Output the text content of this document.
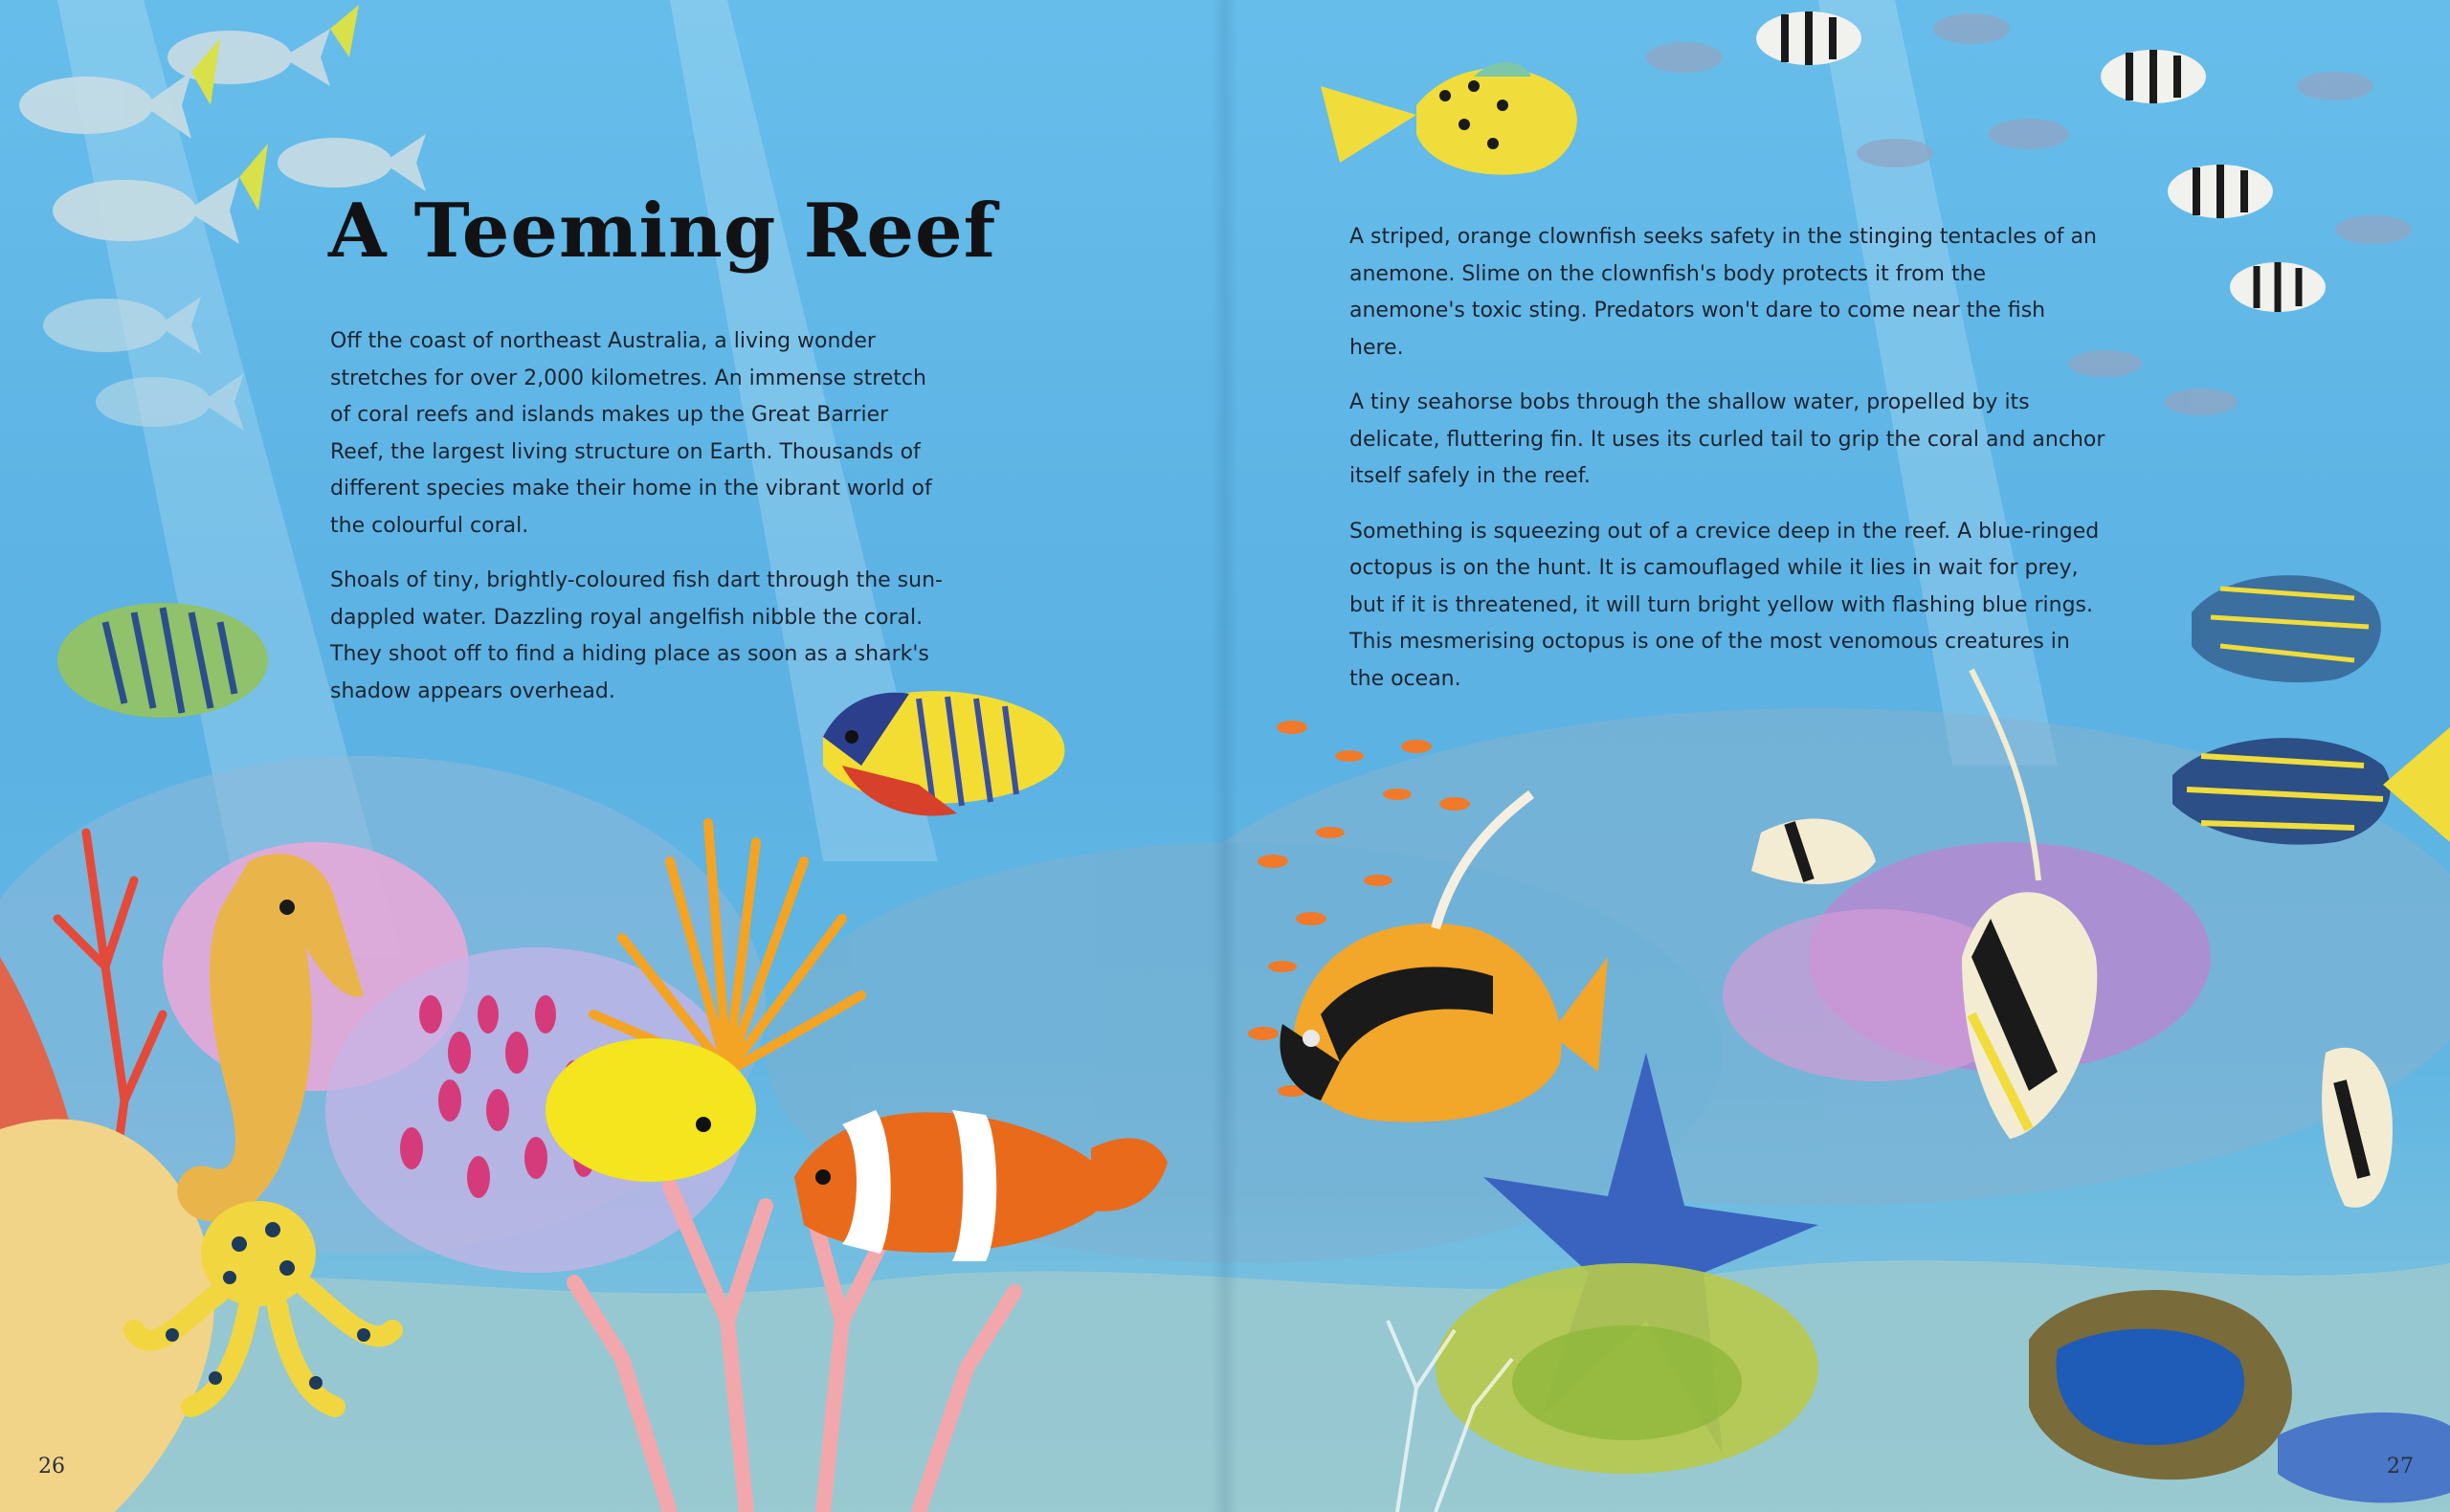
A Teeming Reef

Off the coast of northeast Australia, a living wonder stretches for over 2,000 kilometres. An immense stretch of coral reefs and islands makes up the Great Barrier Reef, the largest living structure on Earth. Thousands of different species make their home in the vibrant world of the colourful coral.

Shoals of tiny, brightly-coloured fish dart through the sun-dappled water. Dazzling royal angelfish nibble the coral. They shoot off to find a hiding place as soon as a shark's shadow appears overhead.

A striped, orange clownfish seeks safety in the stinging tentacles of an anemone. Slime on the clownfish's body protects it from the anemone's toxic sting. Predators won't dare to come near the fish here.

A tiny seahorse bobs through the shallow water, propelled by its delicate, fluttering fin. It uses its curled tail to grip the coral and anchor itself safely in the reef.

Something is squeezing out of a crevice deep in the reef. A blue-ringed octopus is on the hunt. It is camouflaged while it lies in wait for prey, but if it is threatened, it will turn bright yellow with flashing blue rings. This mesmerising octopus is one of the most venomous creatures in the ocean.

26	27
